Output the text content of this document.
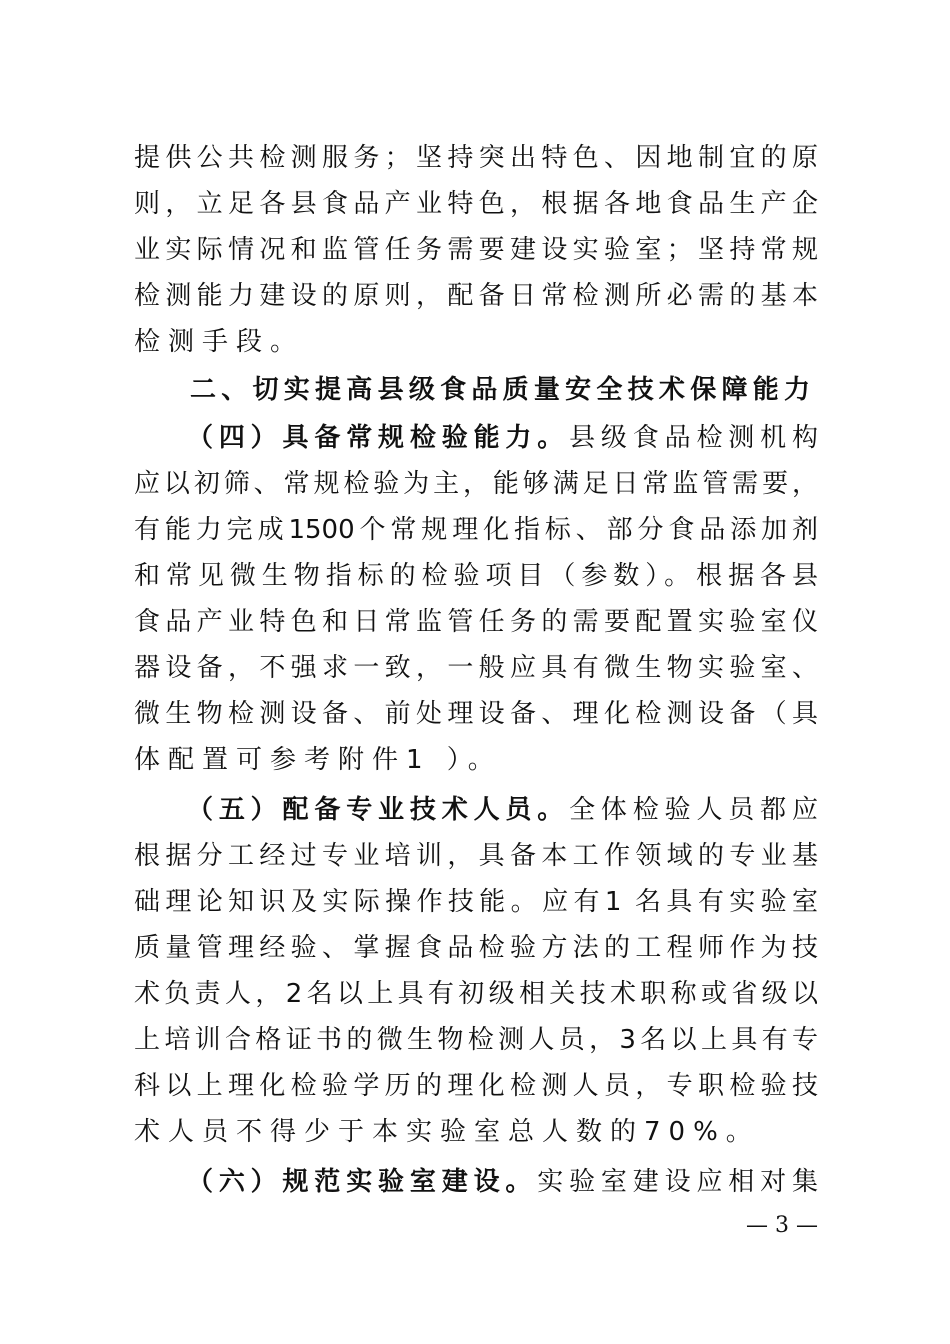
提供公共检测服务；坚持突出特色、因地制宜的原
则，立足各县食品产业特色，根据各地食品生产企
业实际情况和监管任务需要建设实验室；坚持常规
检测能力建设的原则，配备日常检测所必需的基本
检测手段。
二、切实提高县级食品质量安全技术保障能力
（四）具备常规检验能力。县级食品检测机构
应以初筛、常规检验为主，能够满足日常监管需要，
有能力完成1500个常规理化指标、部分食品添加剂
和常见微生物指标的检验项目（参数）。根据各县
食品产业特色和日常监管任务的需要配置实验室仪
器设备，不强求一致，一般应具有微生物实验室、
微生物检测设备、前处理设备、理化检测设备（具
体配置可参考附件1 ）。
（五）配备专业技术人员。全体检验人员都应
根据分工经过专业培训，具备本工作领域的专业基
础理论知识及实际操作技能。应有1 名具有实验室
质量管理经验、掌握食品检验方法的工程师作为技
术负责人，2名以上具有初级相关技术职称或省级以
上培训合格证书的微生物检测人员，3名以上具有专
科以上理化检验学历的理化检测人员，专职检验技
术人员不得少于本实验室总人数的70%。
（六）规范实验室建设。实验室建设应相对集
— 3 —
